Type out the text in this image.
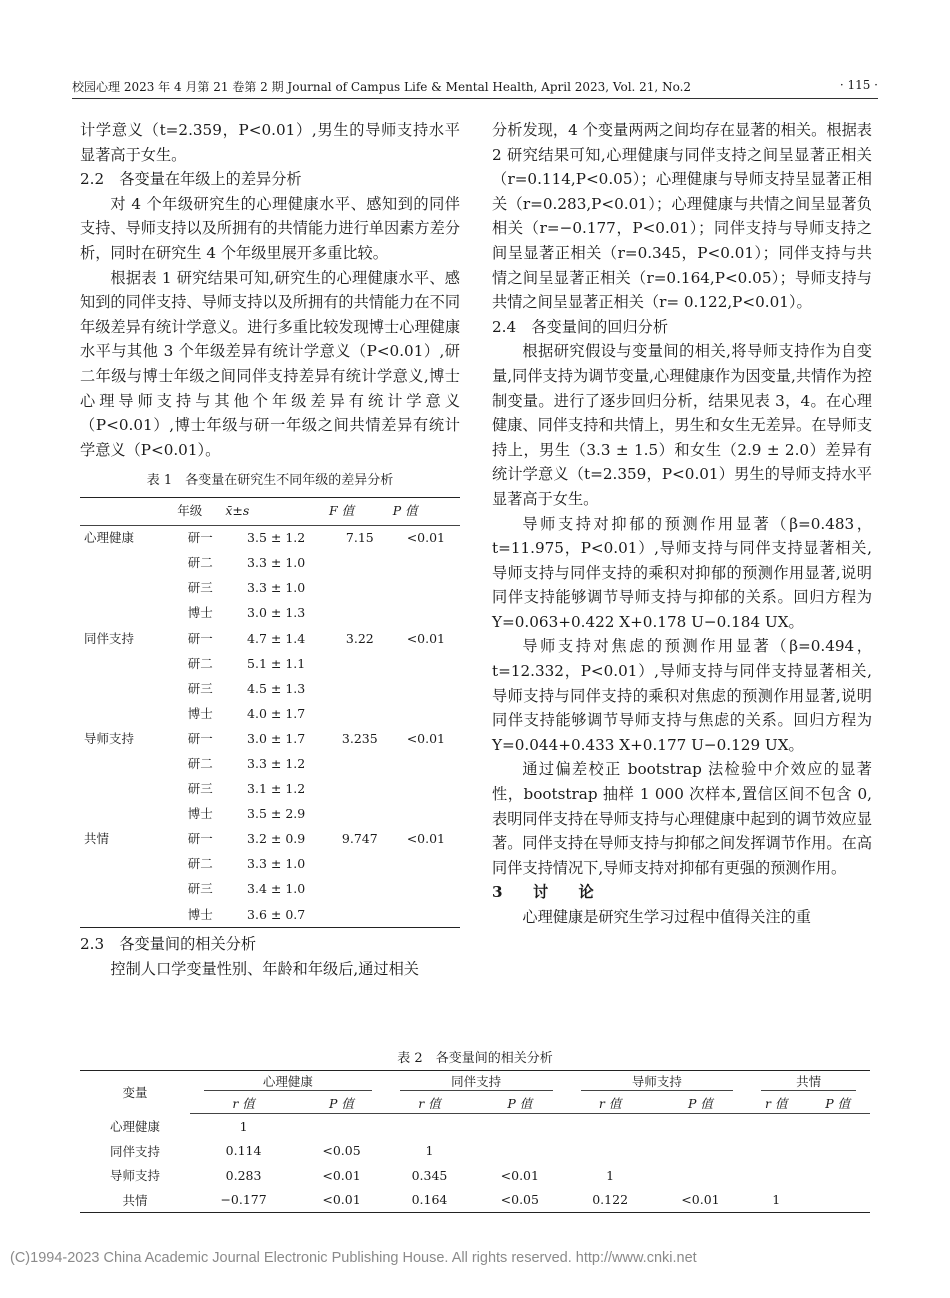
校园心理 2023 年 4 月第 21 卷第 2 期 Journal of Campus Life & Mental Health, April 2023, Vol. 21, No.2	· 115 ·

计学意义（t=2.359，P<0.01）,男生的导师支持水平显著高于女生。

2.2　各变量在年级上的差异分析

对 4 个年级研究生的心理健康水平、感知到的同伴支持、导师支持以及所拥有的共情能力进行单因素方差分析，同时在研究生 4 个年级里展开多重比较。

根据表 1 研究结果可知,研究生的心理健康水平、感知到的同伴支持、导师支持以及所拥有的共情能力在不同年级差异有统计学意义。进行多重比较发现博士心理健康水平与其他 3 个年级差异有统计学意义（P<0.01）,研二年级与博士年级之间同伴支持差异有统计学意义,博士心理导师支持与其他个年级差异有统计学意义（P<0.01）,博士年级与研一年级之间共情差异有统计学意义（P<0.01）。

表 1　各变量在研究生不同年级的差异分析
	年级	x̄±s	F 值	P 值
心理健康	研一	3.5 ± 1.2	7.15	<0.01
	研二	3.3 ± 1.0		
	研三	3.3 ± 1.0		
	博士	3.0 ± 1.3		
同伴支持	研一	4.7 ± 1.4	3.22	<0.01
	研二	5.1 ± 1.1		
	研三	4.5 ± 1.3		
	博士	4.0 ± 1.7		
导师支持	研一	3.0 ± 1.7	3.235	<0.01
	研二	3.3 ± 1.2		
	研三	3.1 ± 1.2		
	博士	3.5 ± 2.9		
共情	研一	3.2 ± 0.9	9.747	<0.01
	研二	3.3 ± 1.0		
	研三	3.4 ± 1.0		
	博士	3.6 ± 0.7		

2.3　各变量间的相关分析

控制人口学变量性别、年龄和年级后,通过相关

分析发现，4 个变量两两之间均存在显著的相关。根据表 2 研究结果可知,心理健康与同伴支持之间呈显著正相关（r=0.114,P<0.05）；心理健康与导师支持呈显著正相关（r=0.283,P<0.01）；心理健康与共情之间呈显著负相关（r=−0.177，P<0.01）；同伴支持与导师支持之间呈显著正相关（r=0.345，P<0.01）；同伴支持与共情之间呈显著正相关（r=0.164,P<0.05）；导师支持与共情之间呈显著正相关（r= 0.122,P<0.01）。

2.4　各变量间的回归分析

根据研究假设与变量间的相关,将导师支持作为自变量,同伴支持为调节变量,心理健康作为因变量,共情作为控制变量。进行了逐步回归分析，结果见表 3，4。在心理健康、同伴支持和共情上，男生和女生无差异。在导师支持上，男生（3.3 ± 1.5）和女生（2.9 ± 2.0）差异有统计学意义（t=2.359，P<0.01）男生的导师支持水平显著高于女生。

导师支持对抑郁的预测作用显著（β=0.483，t=11.975，P<0.01）,导师支持与同伴支持显著相关,导师支持与同伴支持的乘积对抑郁的预测作用显著,说明同伴支持能够调节导师支持与抑郁的关系。回归方程为 Y=0.063+0.422 X+0.178 U−0.184 UX。

导师支持对焦虑的预测作用显著（β=0.494，t=12.332，P<0.01）,导师支持与同伴支持显著相关,导师支持与同伴支持的乘积对焦虑的预测作用显著,说明同伴支持能够调节导师支持与焦虑的关系。回归方程为 Y=0.044+0.433 X+0.177 U−0.129 UX。

通过偏差校正 bootstrap 法检验中介效应的显著性，bootstrap 抽样 1 000 次样本,置信区间不包含 0,表明同伴支持在导师支持与心理健康中起到的调节效应显著。同伴支持在导师支持与抑郁之间发挥调节作用。在高同伴支持情况下,导师支持对抑郁有更强的预测作用。

3　讨　论

心理健康是研究生学习过程中值得关注的重

表 2　各变量间的相关分析
变量	心理健康		同伴支持		导师支持		共情	

	r 值	P 值	r 值	P 值	r 值	P 值	r 值	P 值
心理健康	1							
同伴支持	0.114	<0.05	1					
导师支持	0.283	<0.01	0.345	<0.01	1			
共情	−0.177	<0.01	0.164	<0.05	0.122	<0.01	1	
(C)1994-2023 China Academic Journal Electronic Publishing House. All rights reserved. http://www.cnki.net
